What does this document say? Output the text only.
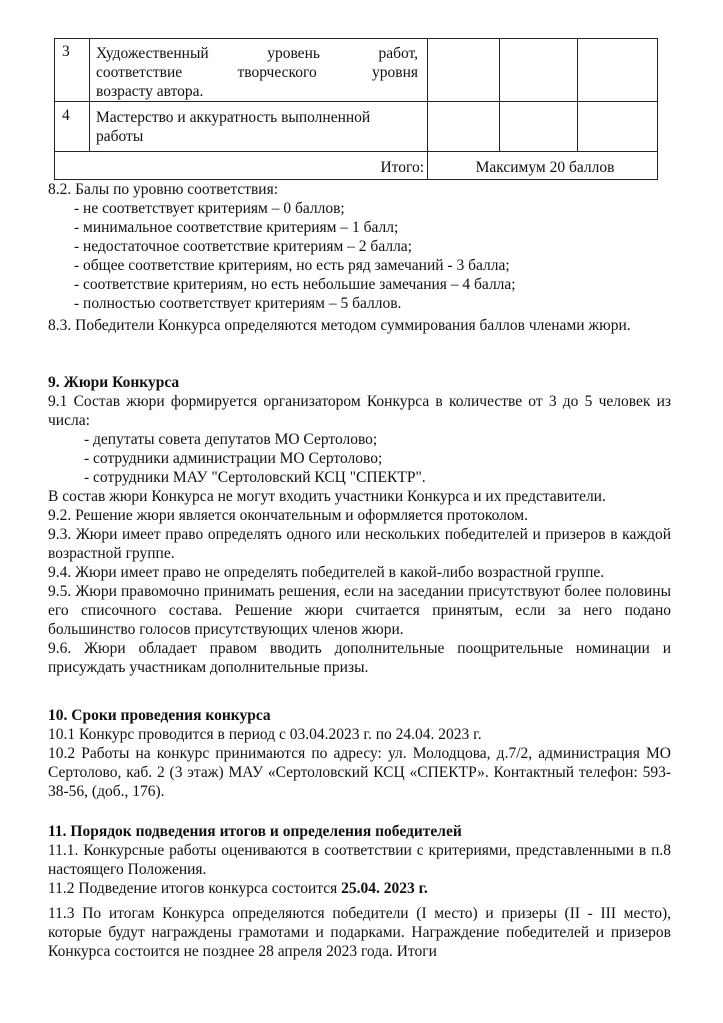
3 Художественный уровень работ,
соответствие творческого уровня
возрасту автора.
4 Мастерство и аккуратность выполненной
работы
Итого:	Максимум 20 баллов

8.2. Балы по уровню соответствия:

- не соответствует критериям – 0 баллов;

- минимальное соответствие критериям – 1 балл;

- недостаточное соответствие критериям – 2 балла;

- общее соответствие критериям, но есть ряд замечаний - 3 балла;

- соответствие критериям, но есть небольшие замечания – 4 балла;

- полностью соответствует критериям – 5 баллов.

8.3. Победители Конкурса определяются методом суммирования баллов членами жюри.

9. Жюри Конкурса

9.1 Состав жюри формируется организатором Конкурса в количестве от 3 до 5 человек из числа:

- депутаты совета депутатов МО Сертолово;

- сотрудники администрации МО Сертолово;

- сотрудники МАУ "Сертоловский КСЦ "СПЕКТР".

В состав жюри Конкурса не могут входить участники Конкурса и их представители.

9.2. Решение жюри является окончательным и оформляется протоколом.

9.3. Жюри имеет право определять одного или нескольких победителей и призеров в каждой возрастной группе.

9.4. Жюри имеет право не определять победителей в какой-либо возрастной группе.

9.5. Жюри правомочно принимать решения, если на заседании присутствуют более половины его списочного состава. Решение жюри считается принятым, если за него подано большинство голосов присутствующих членов жюри.

9.6. Жюри обладает правом вводить дополнительные поощрительные номинации и присуждать участникам дополнительные призы.

10. Сроки проведения конкурса

10.1 Конкурс проводится в период с 03.04.2023 г. по 24.04. 2023 г.

10.2 Работы на конкурс принимаются по адресу: ул. Молодцова, д.7/2, администрация МО Сертолово, каб. 2 (3 этаж) МАУ «Сертоловский КСЦ «СПЕКТР». Контактный телефон: 593-38-56, (доб., 176).

11. Порядок подведения итогов и определения победителей

11.1. Конкурсные работы оцениваются в соответствии с критериями, представленными в п.8 настоящего Положения.

11.2 Подведение итогов конкурса состоится 25.04. 2023 г.

11.3 По итогам Конкурса определяются победители (I место) и призеры (II - III место), которые будут награждены грамотами и подарками. Награждение победителей и призеров Конкурса состоится не позднее 28 апреля 2023 года. Итоги
